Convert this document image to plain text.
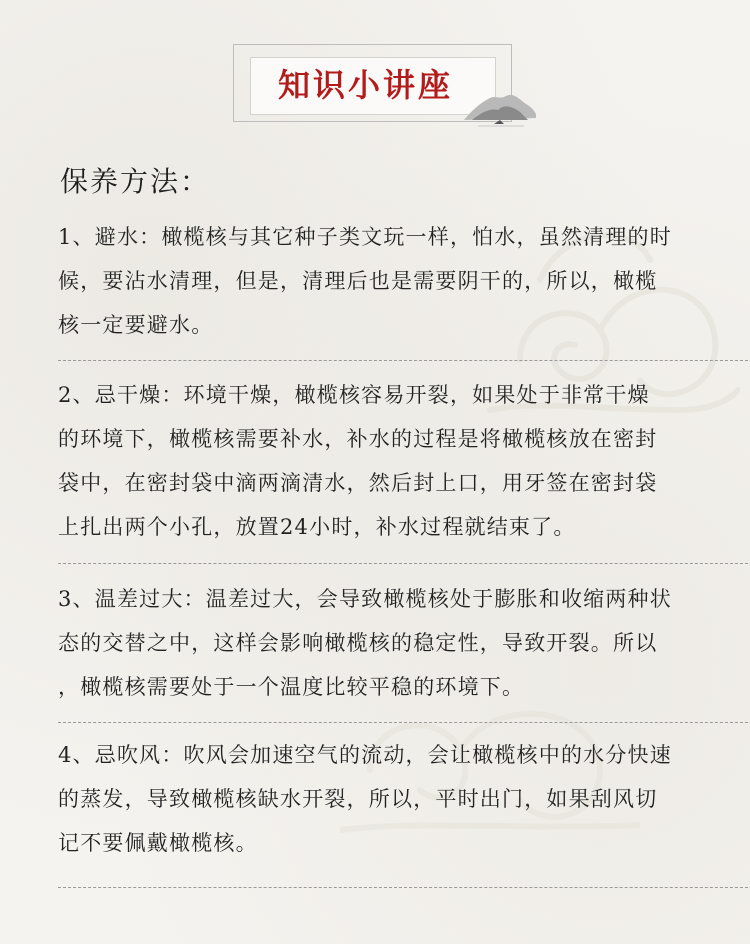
知识小讲座
保养方法：
1、避水：橄榄核与其它种子类文玩一样，怕水，虽然清理的时
候，要沾水清理，但是，清理后也是需要阴干的，所以，橄榄
核一定要避水。
2、忌干燥：环境干燥，橄榄核容易开裂，如果处于非常干燥
的环境下，橄榄核需要补水，补水的过程是将橄榄核放在密封
袋中，在密封袋中滴两滴清水，然后封上口，用牙签在密封袋
上扎出两个小孔，放置24小时，补水过程就结束了。
3、温差过大：温差过大，会导致橄榄核处于膨胀和收缩两种状
态的交替之中，这样会影响橄榄核的稳定性，导致开裂。所以
，橄榄核需要处于一个温度比较平稳的环境下。
4、忌吹风：吹风会加速空气的流动，会让橄榄核中的水分快速
的蒸发，导致橄榄核缺水开裂，所以，平时出门，如果刮风切
记不要佩戴橄榄核。
